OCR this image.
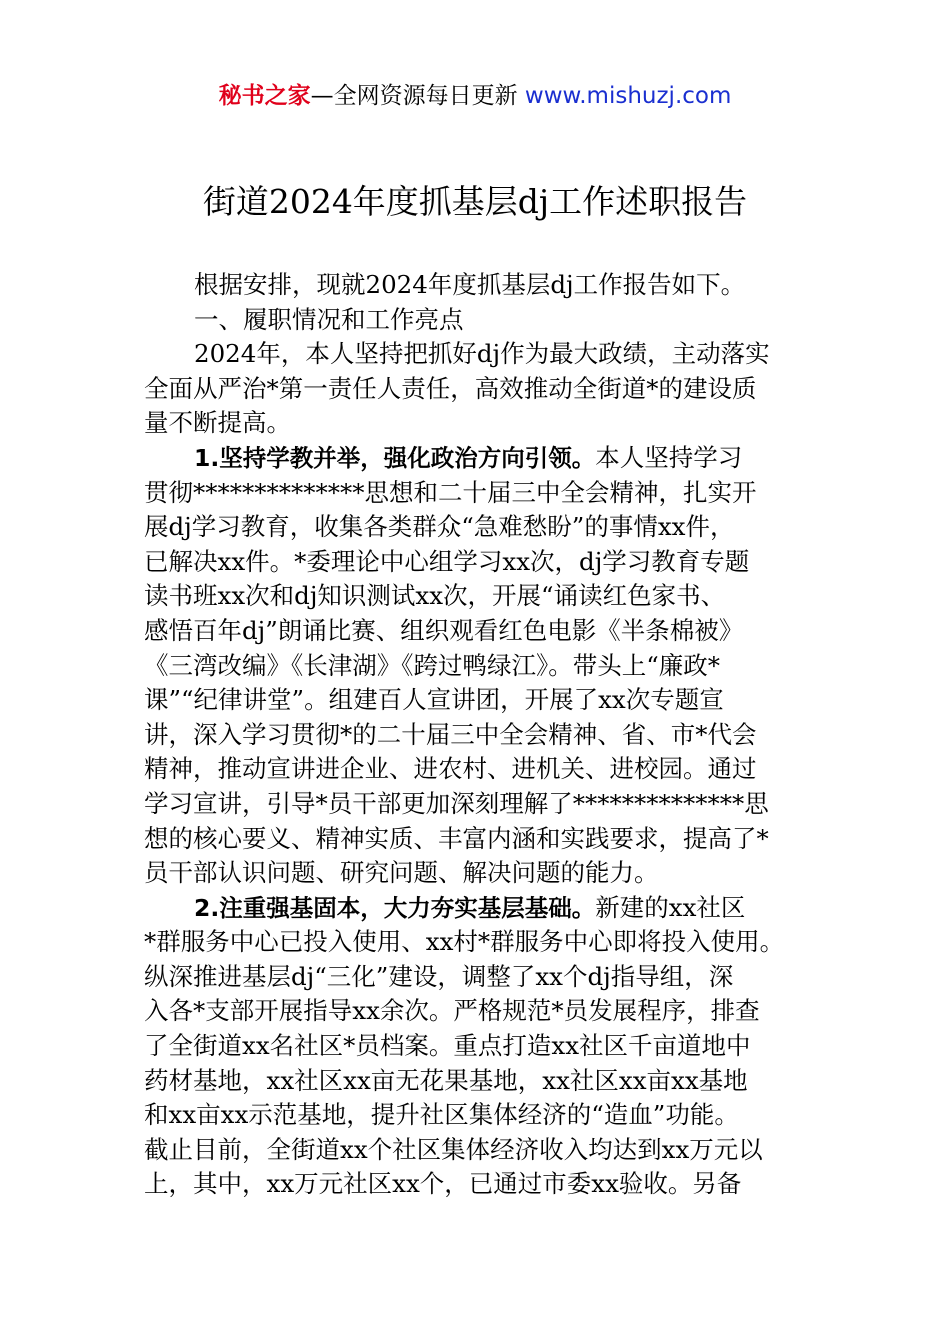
秘书之家—全网资源每日更新 www.mishuzj.com
街道2024年度抓基层dj工作述职报告
根据安排，现就2024年度抓基层dj工作报告如下。
一、履职情况和工作亮点
2024年，本人坚持把抓好dj作为最大政绩，主动落实
全面从严治*第一责任人责任，高效推动全街道*的建设质
量不断提高。
1.坚持学教并举，强化政治方向引领。本人坚持学习
贯彻**************思想和二十届三中全会精神，扎实开
展dj学习教育，收集各类群众“急难愁盼”的事情xx件，
已解决xx件。*委理论中心组学习xx次，dj学习教育专题
读书班xx次和dj知识测试xx次，开展“诵读红色家书、
感悟百年dj”朗诵比赛、组织观看红色电影《半条棉被》
《三湾改编》《长津湖》《跨过鸭绿江》。带头上“廉政*
课”“纪律讲堂”。组建百人宣讲团，开展了xx次专题宣
讲，深入学习贯彻*的二十届三中全会精神、省、市*代会
精神，推动宣讲进企业、进农村、进机关、进校园。通过
学习宣讲，引导*员干部更加深刻理解了**************思
想的核心要义、精神实质、丰富内涵和实践要求，提高了*
员干部认识问题、研究问题、解决问题的能力。
2.注重强基固本，大力夯实基层基础。新建的xx社区
*群服务中心已投入使用、xx村*群服务中心即将投入使用。
纵深推进基层dj“三化”建设，调整了xx个dj指导组，深
入各*支部开展指导xx余次。严格规范*员发展程序，排查
了全街道xx名社区*员档案。重点打造xx社区千亩道地中
药材基地，xx社区xx亩无花果基地，xx社区xx亩xx基地
和xx亩xx示范基地，提升社区集体经济的“造血”功能。
截止目前，全街道xx个社区集体经济收入均达到xx万元以
上，其中，xx万元社区xx个，已通过市委xx验收。另备
